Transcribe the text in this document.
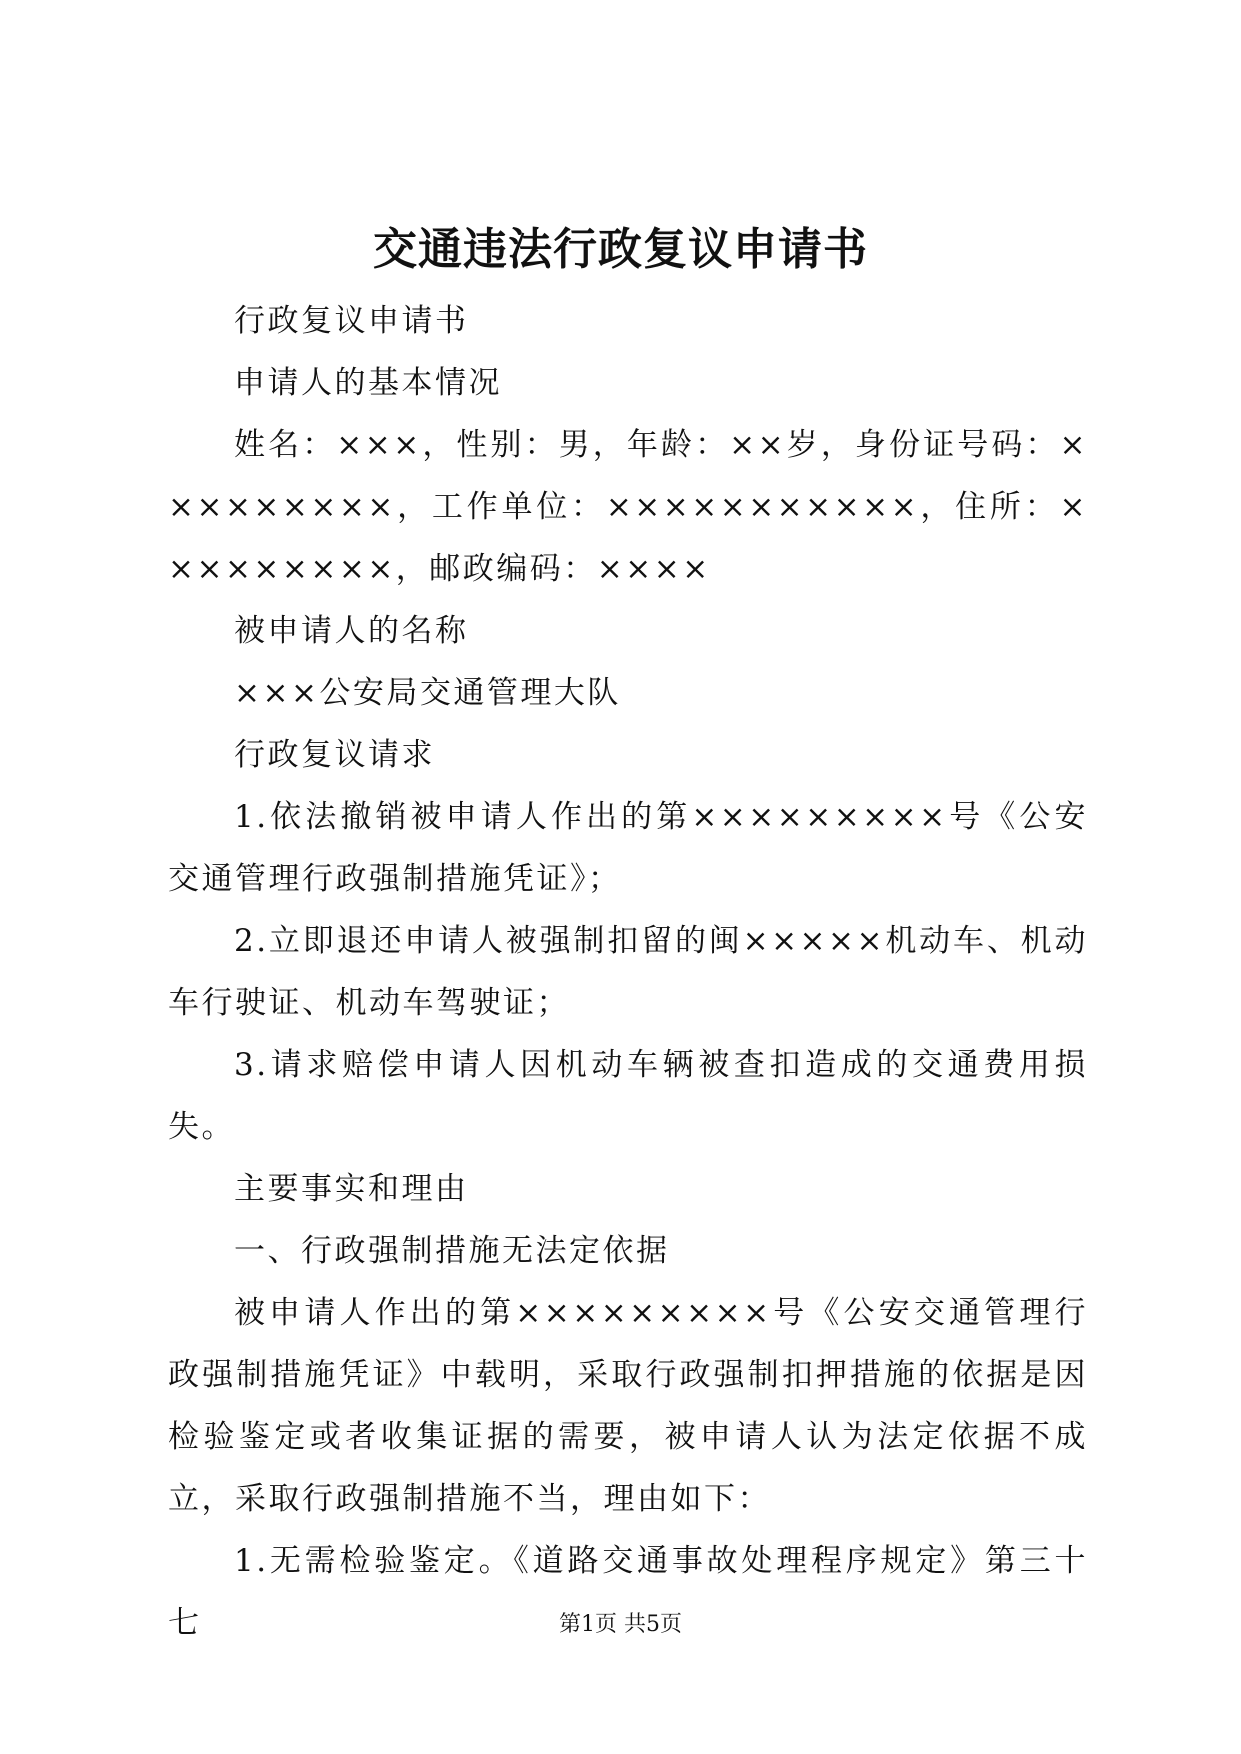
交通违法行政复议申请书

行政复议申请书

申请人的基本情况

姓名：×××，性别：男，年龄：××岁，身份证号码：×××××××××，工作单位：×××××××××××，住所：×××××××××，邮政编码：××××

被申请人的名称

×××公安局交通管理大队

行政复议请求

1.依法撤销被申请人作出的第×××××××××号《公安交通管理行政强制措施凭证》；

2.立即退还申请人被强制扣留的闽×××××机动车、机动车行驶证、机动车驾驶证；

3.请求赔偿申请人因机动车辆被查扣造成的交通费用损失。

主要事实和理由

一、行政强制措施无法定依据

被申请人作出的第×××××××××号《公安交通管理行政强制措施凭证》中载明，采取行政强制扣押措施的依据是因检验鉴定或者收集证据的需要，被申请人认为法定依据不成立，采取行政强制措施不当，理由如下：

1.无需检验鉴定。《道路交通事故处理程序规定》第三十七	第1页 共5页
